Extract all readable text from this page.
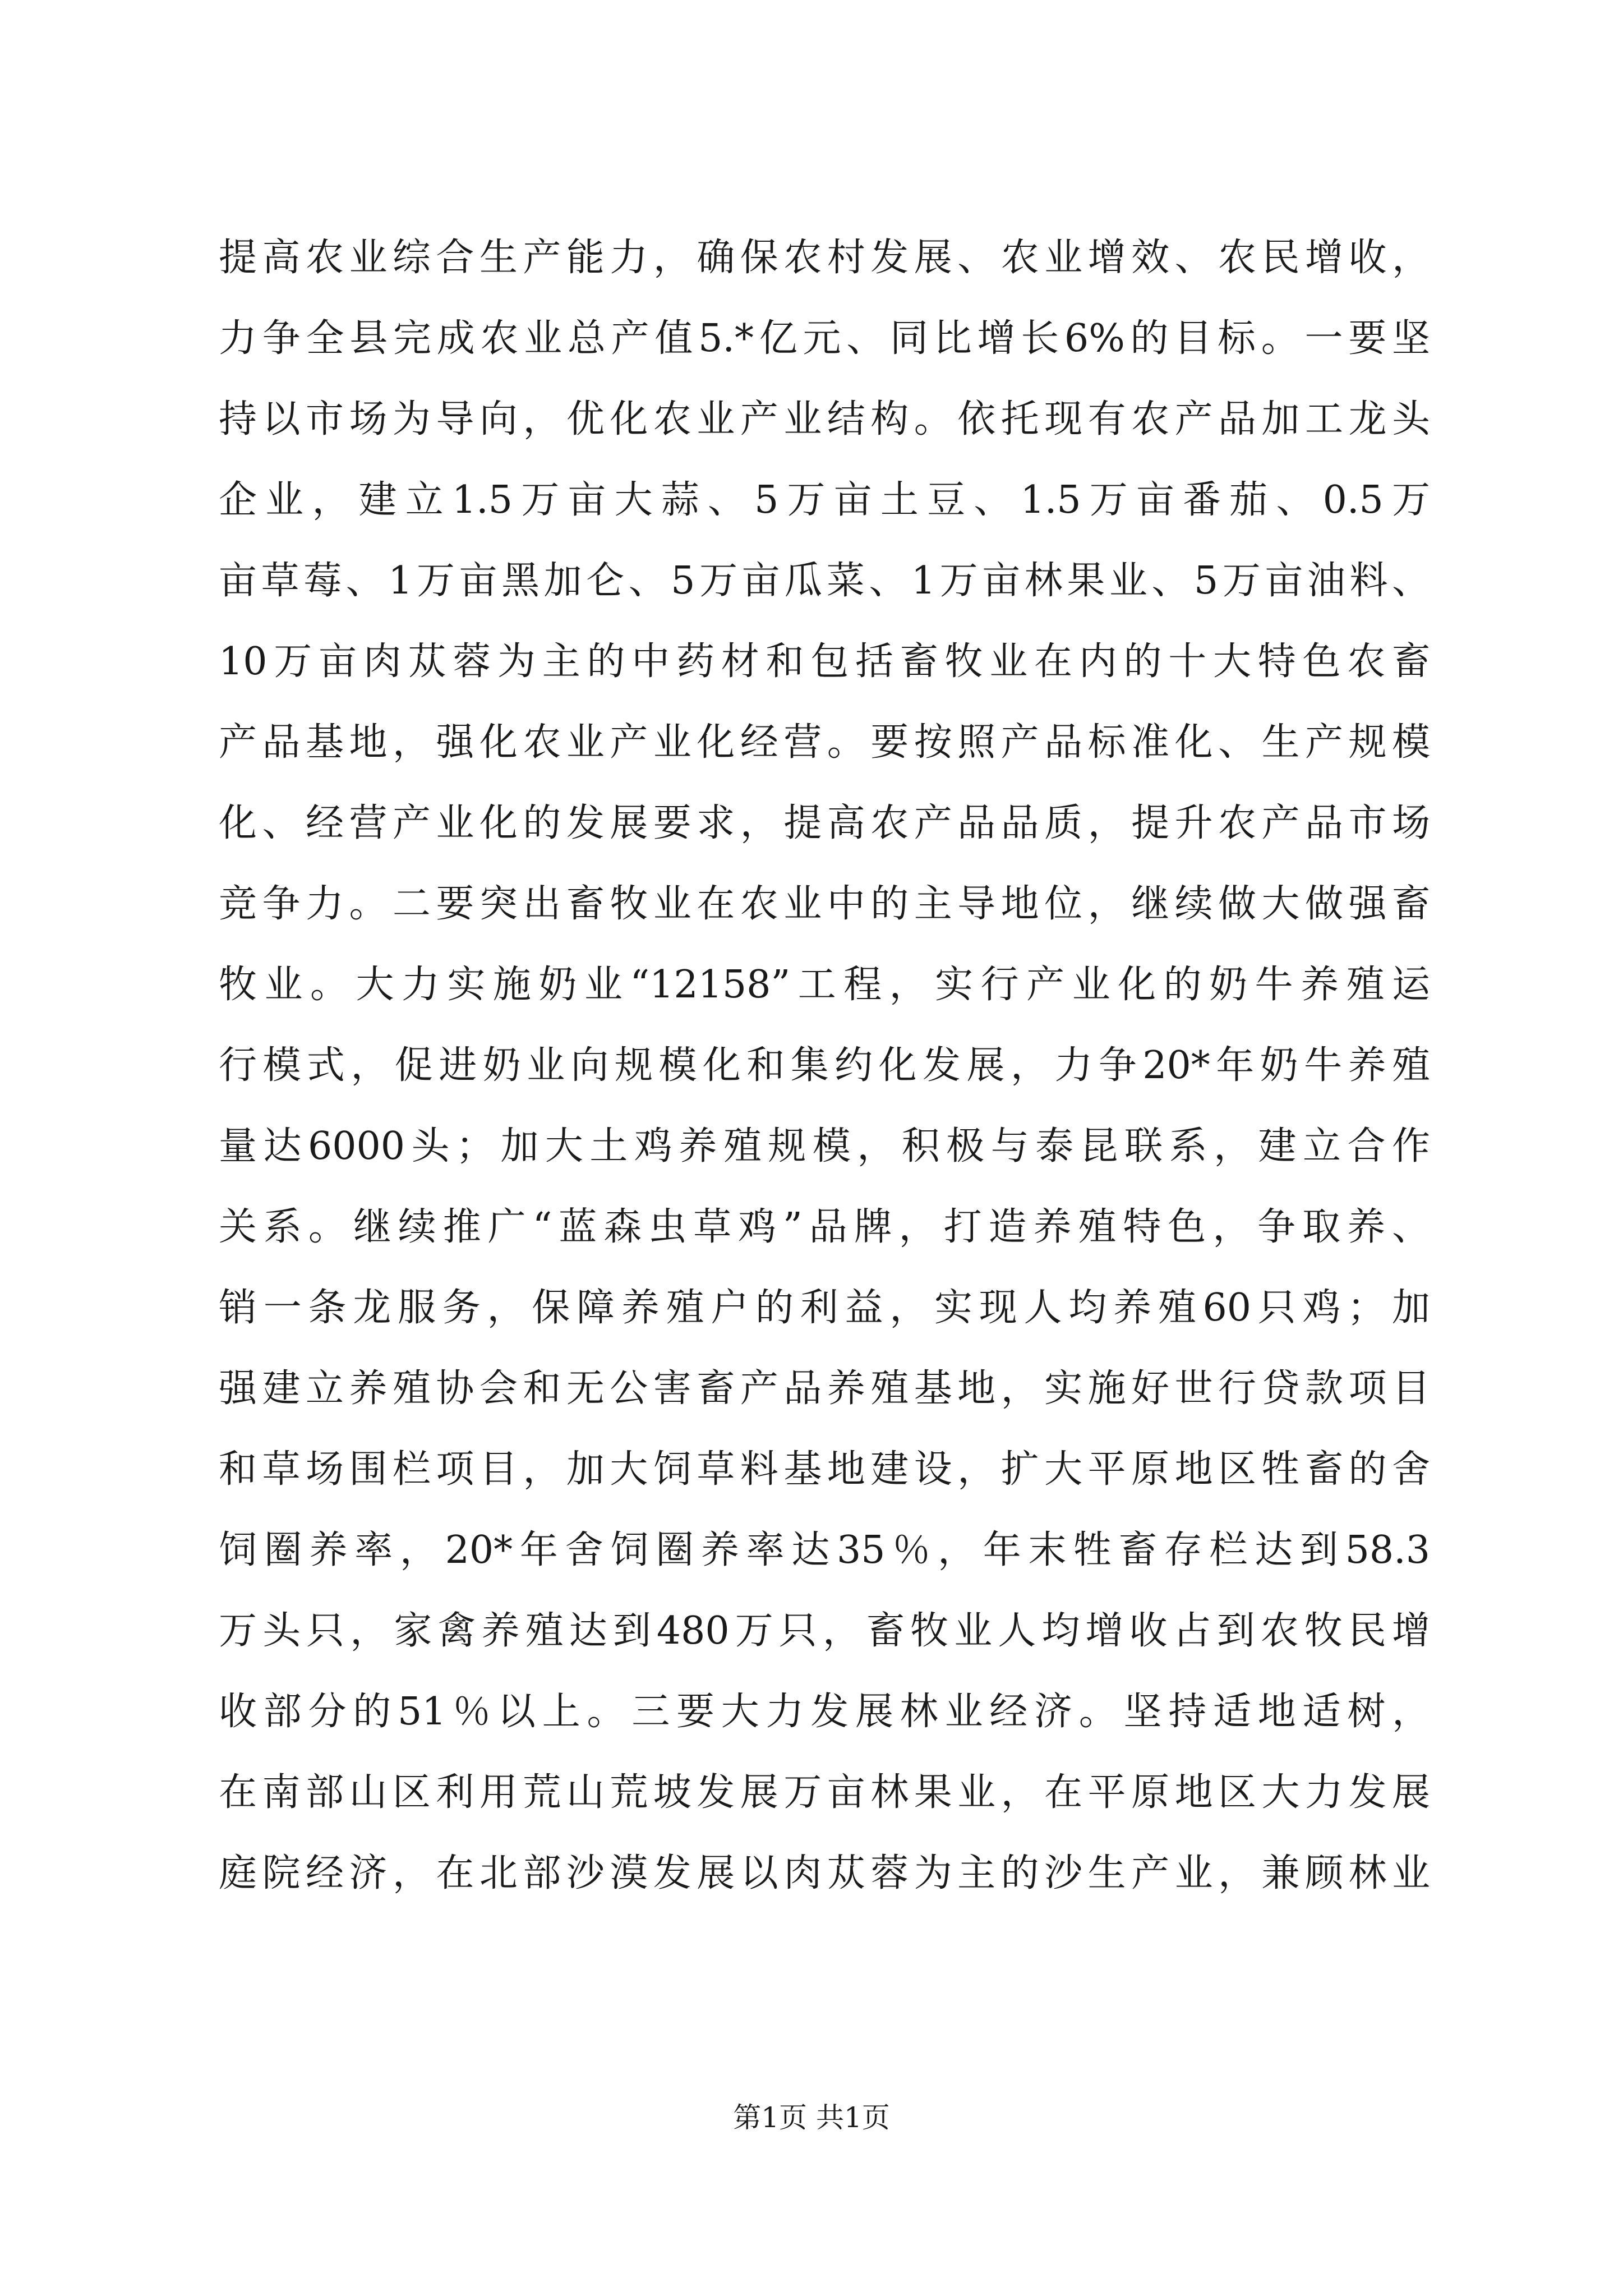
提高农业综合生产能力，确保农村发展、农业增效、农民增收，
力争全县完成农业总产值5.*亿元、同比增长6%的目标。一要坚
持以市场为导向，优化农业产业结构。依托现有农产品加工龙头
企业，建立1.5万亩大蒜、5万亩土豆、1.5万亩番茄、0.5万
亩草莓、1万亩黑加仑、5万亩瓜菜、1万亩林果业、5万亩油料、
10万亩肉苁蓉为主的中药材和包括畜牧业在内的十大特色农畜
产品基地，强化农业产业化经营。要按照产品标准化、生产规模
化、经营产业化的发展要求，提高农产品品质，提升农产品市场
竞争力。二要突出畜牧业在农业中的主导地位，继续做大做强畜
牧业。大力实施奶业“12158”工程，实行产业化的奶牛养殖运
行模式，促进奶业向规模化和集约化发展，力争20*年奶牛养殖
量达6000头；加大土鸡养殖规模，积极与泰昆联系，建立合作
关系。继续推广“蓝森虫草鸡”品牌，打造养殖特色，争取养、
销一条龙服务，保障养殖户的利益，实现人均养殖60只鸡；加
强建立养殖协会和无公害畜产品养殖基地，实施好世行贷款项目
和草场围栏项目，加大饲草料基地建设，扩大平原地区牲畜的舍
饲圈养率，20*年舍饲圈养率达35％，年末牲畜存栏达到58.3
万头只，家禽养殖达到480万只，畜牧业人均增收占到农牧民增
收部分的51％以上。三要大力发展林业经济。坚持适地适树，
在南部山区利用荒山荒坡发展万亩林果业，在平原地区大力发展
庭院经济，在北部沙漠发展以肉苁蓉为主的沙生产业，兼顾林业
第1页 共1页
